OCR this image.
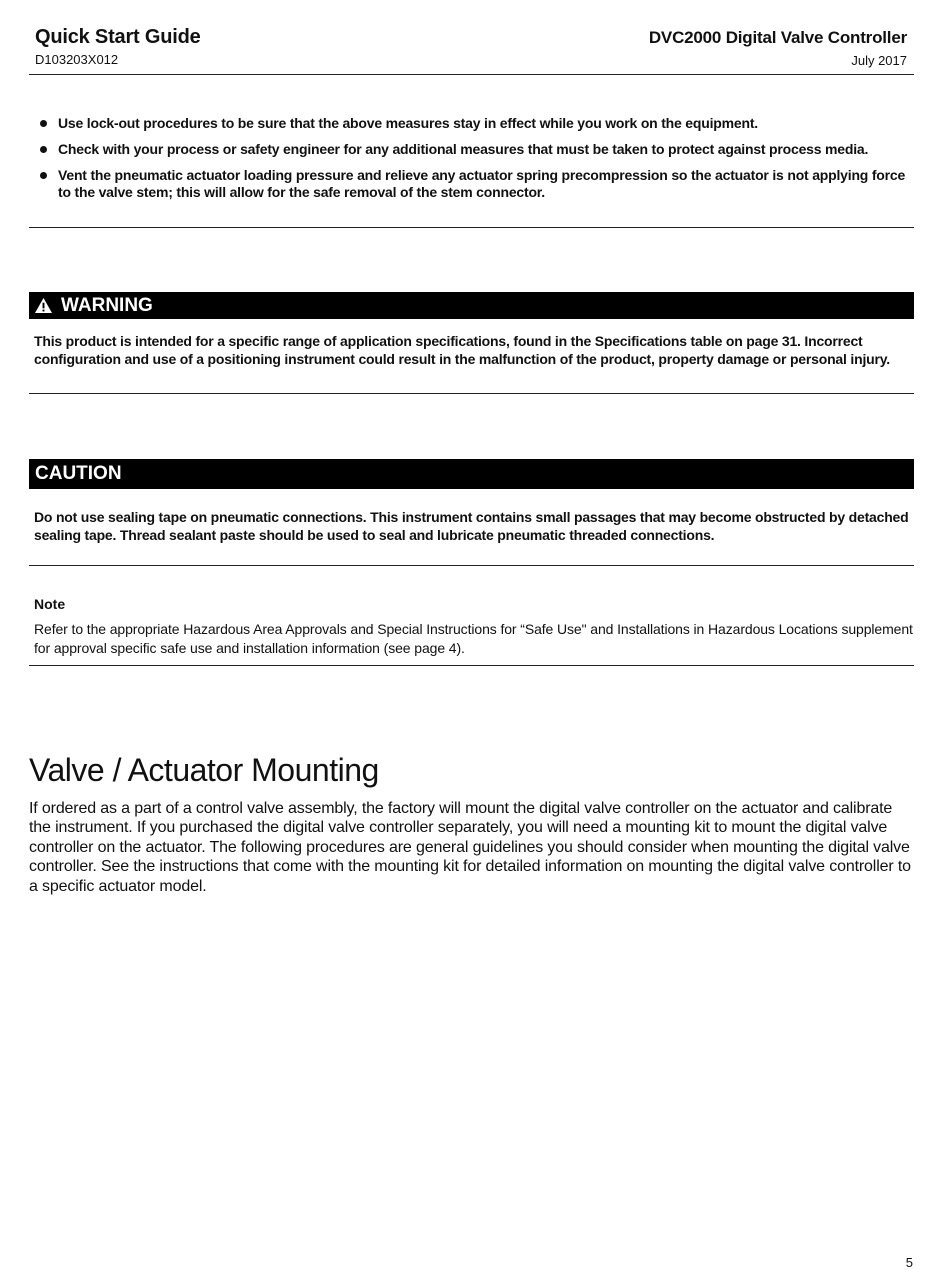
Quick Start Guide
D103203X012
DVC2000 Digital Valve Controller
July 2017
Use lock-out procedures to be sure that the above measures stay in effect while you work on the equipment.
Check with your process or safety engineer for any additional measures that must be taken to protect against process media.
Vent the pneumatic actuator loading pressure and relieve any actuator spring precompression so the actuator is not applying force to the valve stem; this will allow for the safe removal of the stem connector.
WARNING
This product is intended for a specific range of application specifications, found in the Specifications table on page 31. Incorrect configuration and use of a positioning instrument could result in the malfunction of the product, property damage or personal injury.
CAUTION
Do not use sealing tape on pneumatic connections. This instrument contains small passages that may become obstructed by detached sealing tape. Thread sealant paste should be used to seal and lubricate pneumatic threaded connections.
Note
Refer to the appropriate Hazardous Area Approvals and Special Instructions for “Safe Use" and Installations in Hazardous Locations supplement for approval specific safe use and installation information (see page 4).
Valve / Actuator Mounting
If ordered as a part of a control valve assembly, the factory will mount the digital valve controller on the actuator and calibrate the instrument. If you purchased the digital valve controller separately, you will need a mounting kit to mount the digital valve controller on the actuator. The following procedures are general guidelines you should consider when mounting the digital valve controller. See the instructions that come with the mounting kit for detailed information on mounting the digital valve controller to a specific actuator model.
5
